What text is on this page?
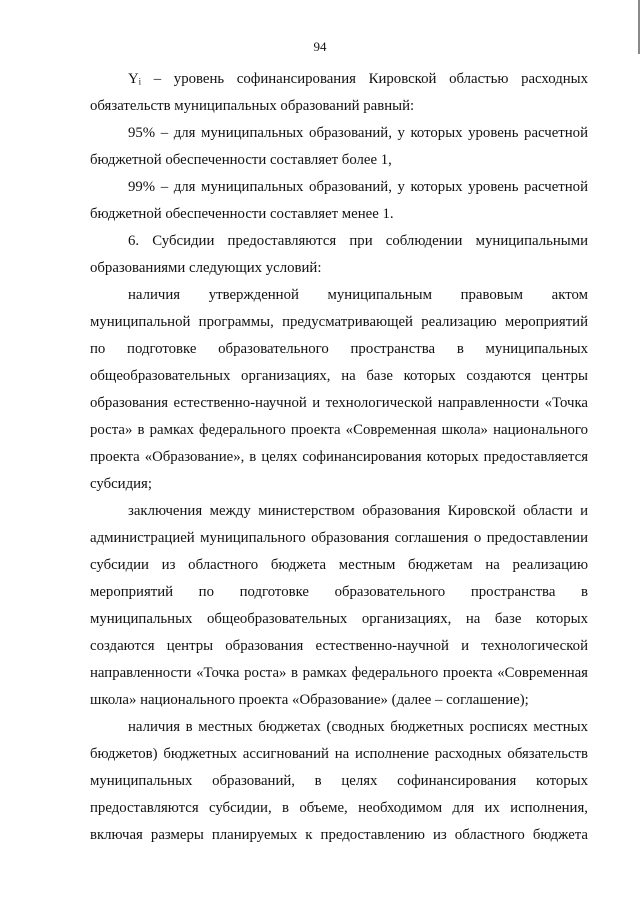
94
Yᵢ – уровень софинансирования Кировской областью расходных
обязательств муниципальных образований равный:
95% – для муниципальных образований, у которых уровень расчетной
бюджетной обеспеченности составляет более 1,
99% – для муниципальных образований, у которых уровень расчетной
бюджетной обеспеченности составляет менее 1.
6. Субсидии предоставляются при соблюдении муниципальными
образованиями следующих условий:
наличия утвержденной муниципальным правовым актом
муниципальной программы, предусматривающей реализацию мероприятий
по подготовке образовательного пространства в муниципальных
общеобразовательных организациях, на базе которых создаются центры
образования естественно-научной и технологической направленности «Точка
роста» в рамках федерального проекта «Современная школа» национального
проекта «Образование», в целях софинансирования которых предоставляется
субсидия;
заключения между министерством образования Кировской области и
администрацией муниципального образования соглашения о предоставлении
субсидии из областного бюджета местным бюджетам на реализацию
мероприятий по подготовке образовательного пространства в
муниципальных общеобразовательных организациях, на базе которых
создаются центры образования естественно-научной и технологической
направленности «Точка роста» в рамках федерального проекта «Современная
школа» национального проекта «Образование» (далее – соглашение);
наличия в местных бюджетах (сводных бюджетных росписях местных
бюджетов) бюджетных ассигнований на исполнение расходных обязательств
муниципальных образований, в целях софинансирования которых
предоставляются субсидии, в объеме, необходимом для их исполнения,
включая размеры планируемых к предоставлению из областного бюджета
